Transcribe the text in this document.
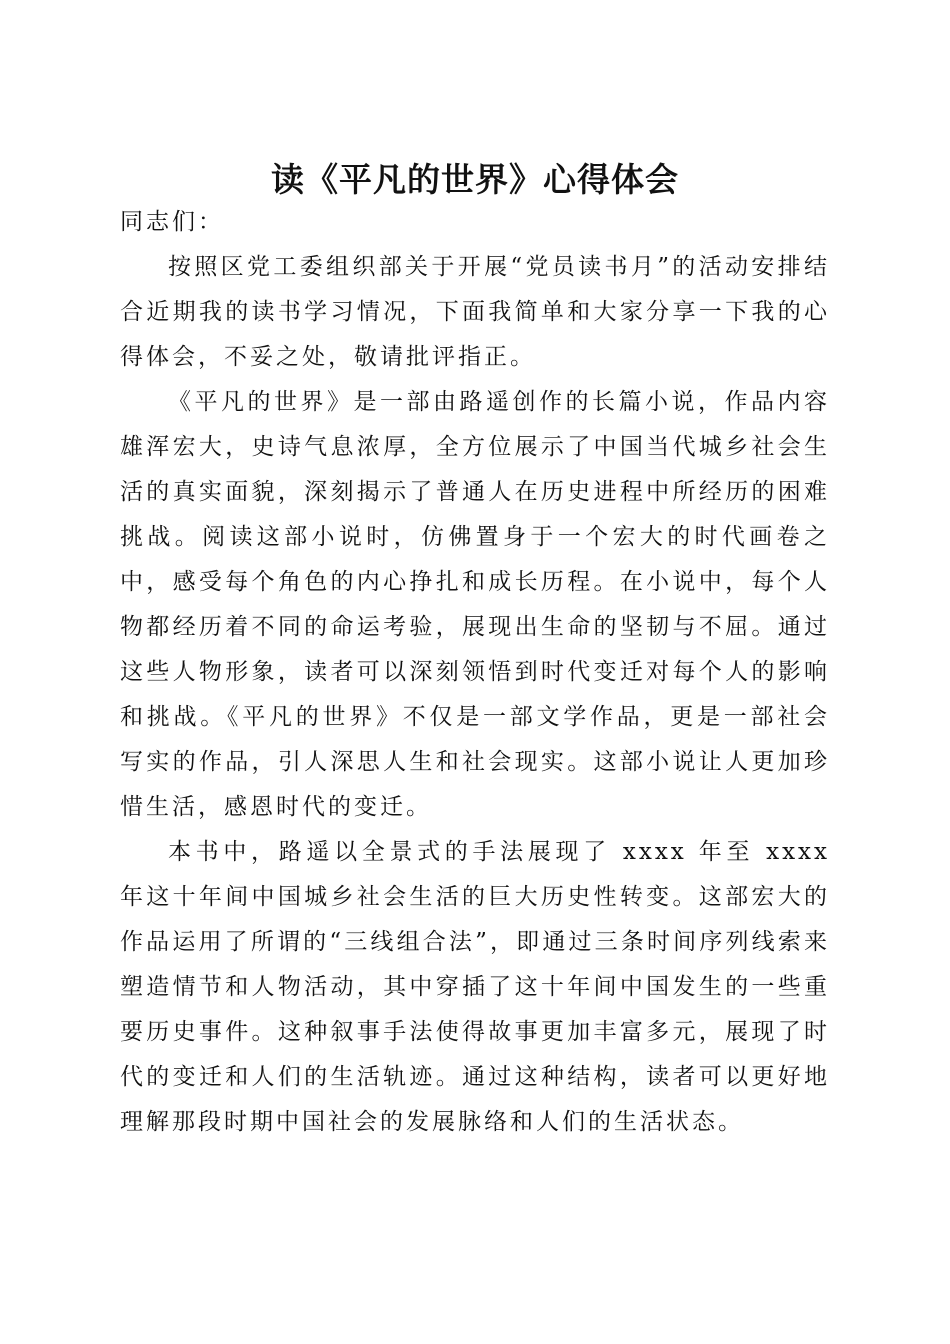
读《平凡的世界》心得体会

同志们：

按照区党工委组织部关于开展“党员读书月”的活动安排结合近期我的读书学习情况，下面我简单和大家分享一下我的心得体会，不妥之处，敬请批评指正。

《平凡的世界》是一部由路遥创作的长篇小说，作品内容雄浑宏大，史诗气息浓厚，全方位展示了中国当代城乡社会生活的真实面貌，深刻揭示了普通人在历史进程中所经历的困难挑战。阅读这部小说时，仿佛置身于一个宏大的时代画卷之中，感受每个角色的内心挣扎和成长历程。在小说中，每个人物都经历着不同的命运考验，展现出生命的坚韧与不屈。通过这些人物形象，读者可以深刻领悟到时代变迁对每个人的影响和挑战。《平凡的世界》不仅是一部文学作品，更是一部社会写实的作品，引人深思人生和社会现实。这部小说让人更加珍惜生活，感恩时代的变迁。

本书中，路遥以全景式的手法展现了 xxxx 年至 xxxx 年这十年间中国城乡社会生活的巨大历史性转变。这部宏大的作品运用了所谓的“三线组合法”，即通过三条时间序列线索来塑造情节和人物活动，其中穿插了这十年间中国发生的一些重要历史事件。这种叙事手法使得故事更加丰富多元，展现了时代的变迁和人们的生活轨迹。通过这种结构，读者可以更好地理解那段时期中国社会的发展脉络和人们的生活状态。
